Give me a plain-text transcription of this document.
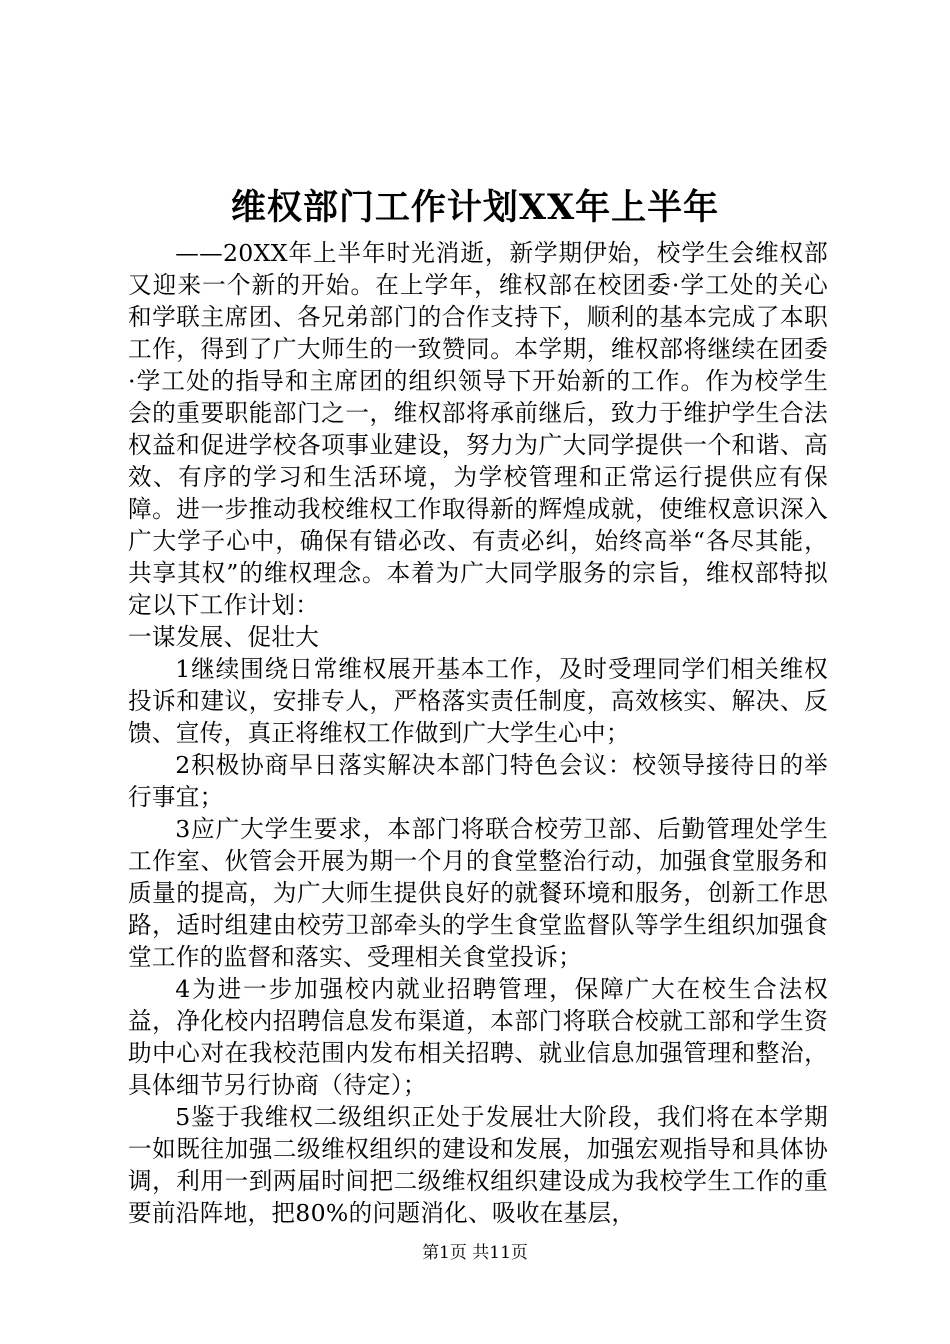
维权部门工作计划XX年上半年

——20XX年上半年时光消逝，新学期伊始，校学生会维权部又迎来一个新的开始。在上学年，维权部在校团委·学工处的关心和学联主席团、各兄弟部门的合作支持下，顺利的基本完成了本职工作，得到了广大师生的一致赞同。本学期，维权部将继续在团委·学工处的指导和主席团的组织领导下开始新的工作。作为校学生会的重要职能部门之一，维权部将承前继后，致力于维护学生合法权益和促进学校各项事业建设，努力为广大同学提供一个和谐、高效、有序的学习和生活环境，为学校管理和正常运行提供应有保障。进一步推动我校维权工作取得新的辉煌成就，使维权意识深入广大学子心中，确保有错必改、有责必纠，始终高举“各尽其能，共享其权”的维权理念。本着为广大同学服务的宗旨，维权部特拟定以下工作计划：

一谋发展、促壮大

1继续围绕日常维权展开基本工作，及时受理同学们相关维权投诉和建议，安排专人，严格落实责任制度，高效核实、解决、反馈、宣传，真正将维权工作做到广大学生心中；

2积极协商早日落实解决本部门特色会议：校领导接待日的举行事宜；

3应广大学生要求，本部门将联合校劳卫部、后勤管理处学生工作室、伙管会开展为期一个月的食堂整治行动，加强食堂服务和质量的提高，为广大师生提供良好的就餐环境和服务，创新工作思路，适时组建由校劳卫部牵头的学生食堂监督队等学生组织加强食堂工作的监督和落实、受理相关食堂投诉；

4为进一步加强校内就业招聘管理，保障广大在校生合法权益，净化校内招聘信息发布渠道，本部门将联合校就工部和学生资助中心对在我校范围内发布相关招聘、就业信息加强管理和整治，具体细节另行协商（待定）；

5鉴于我维权二级组织正处于发展壮大阶段，我们将在本学期一如既往加强二级维权组织的建设和发展，加强宏观指导和具体协调，利用一到两届时间把二级维权组织建设成为我校学生工作的重要前沿阵地，把80%的问题消化、吸收在基层，

第1页 共11页
